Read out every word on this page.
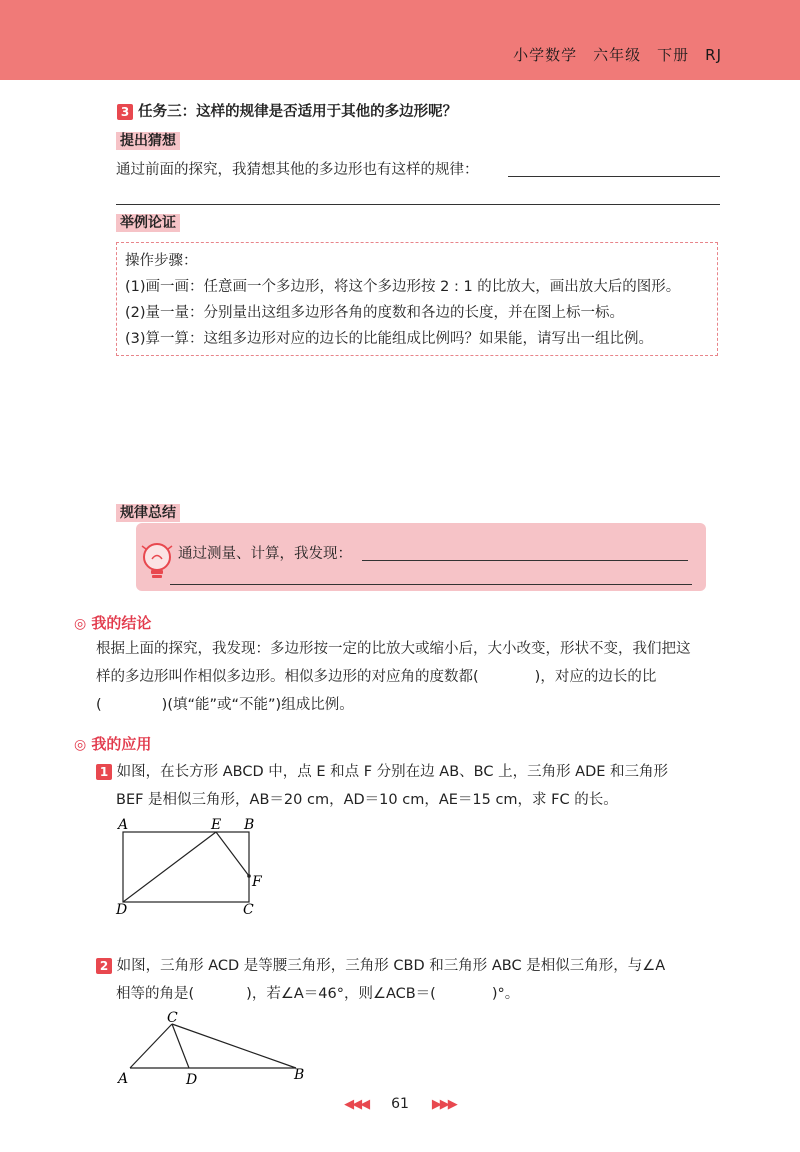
小学数学　六年级　下册　RJ
3 任务三：这样的规律是否适用于其他的多边形呢？
提出猜想
通过前面的探究，我猜想其他的多边形也有这样的规律：
举例论证
操作步骤：
(1)画一画：任意画一个多边形，将这个多边形按 2 : 1 的比放大，画出放大后的图形。
(2)量一量：分别量出这组多边形各角的度数和各边的长度，并在图上标一标。
(3)算一算：这组多边形对应的边长的比能组成比例吗？如果能，请写出一组比例。
规律总结
通过测量、计算，我发现：
◎ 我的结论
根据上面的探究，我发现：多边形按一定的比放大或缩小后，大小改变，形状不变，我们把这
样的多边形叫作相似多边形。相似多边形的对应角的度数都(	)，对应的边长的比
(	)(填“能”或“不能”)组成比例。
◎ 我的应用
1 如图，在长方形 ABCD 中，点 E 和点 F 分别在边 AB、BC 上，三角形 ADE 和三角形
BEF 是相似三角形，AB＝20 cm，AD＝10 cm，AE＝15 cm，求 FC 的长。
A	E B
F
D	C
2 如图，三角形 ACD 是等腰三角形，三角形 CBD 和三角形 ABC 是相似三角形，与∠A
相等的角是(	)，若∠A＝46°，则∠ACB＝(	)°。
C
A	D	B
◀◀◀ 61 ▶▶▶
